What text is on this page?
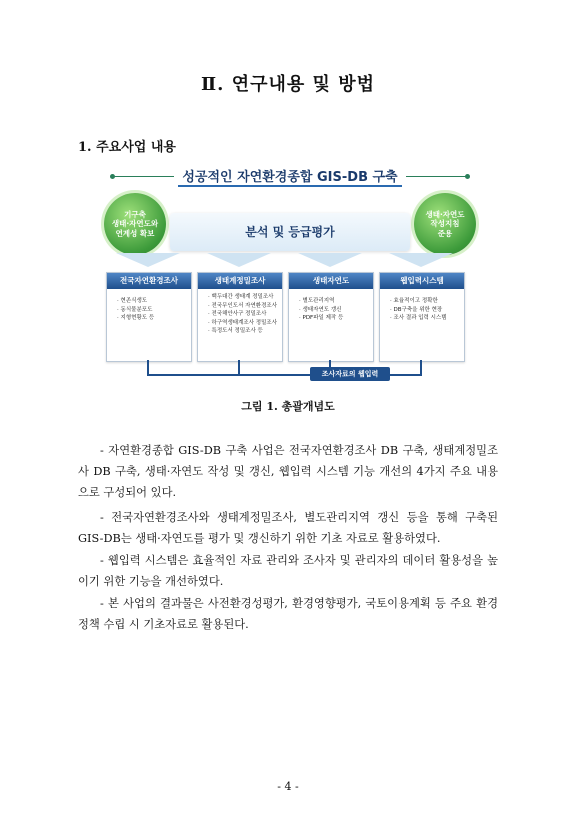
Ⅱ. 연구내용 및 방법
1. 주요사업 내용
성공적인 자연환경종합 GIS-DB 구축
기구축
생태·자연도와
연계성 확보
생태·자연도
작성지침
준용
분석 및 등급평가
전국자연환경조사
· 현존식생도
· 동식물분포도
· 지형현황도 등
생태계정밀조사
· 백두대간 생태계 정밀조사
· 전국무인도서 자연환경조사
· 전국해안사구 정밀조사
· 하구역생태계조사 정밀조사
· 특정도서 정밀조사 등
생태자연도
· 별도관리지역
· 생태자연도 갱신
· PDF파일 제작 등
웹입력시스템
· 효율적이고 정확한
· DB구축을 위한 현장
· 조사 결과 입력 시스템
조사자료의 웹입력
그림 1. 총괄개념도
- 자연환경종합 GIS-DB 구축 사업은 전국자연환경조사 DB 구축, 생태계정밀조사 DB 구축, 생태·자연도 작성 및 갱신, 웹입력 시스템 기능 개선의 4가지 주요 내용으로 구성되어 있다.
- 전국자연환경조사와 생태계정밀조사, 별도관리지역 갱신 등을 통해 구축된 GIS-DB는 생태·자연도를 평가 및 갱신하기 위한 기초 자료로 활용하였다.
- 웹입력 시스템은 효율적인 자료 관리와 조사자 및 관리자의 데이터 활용성을 높이기 위한 기능을 개선하였다.
- 본 사업의 결과물은 사전환경성평가, 환경영향평가, 국토이용계획 등 주요 환경정책 수립 시 기초자료로 활용된다.
- 4 -
